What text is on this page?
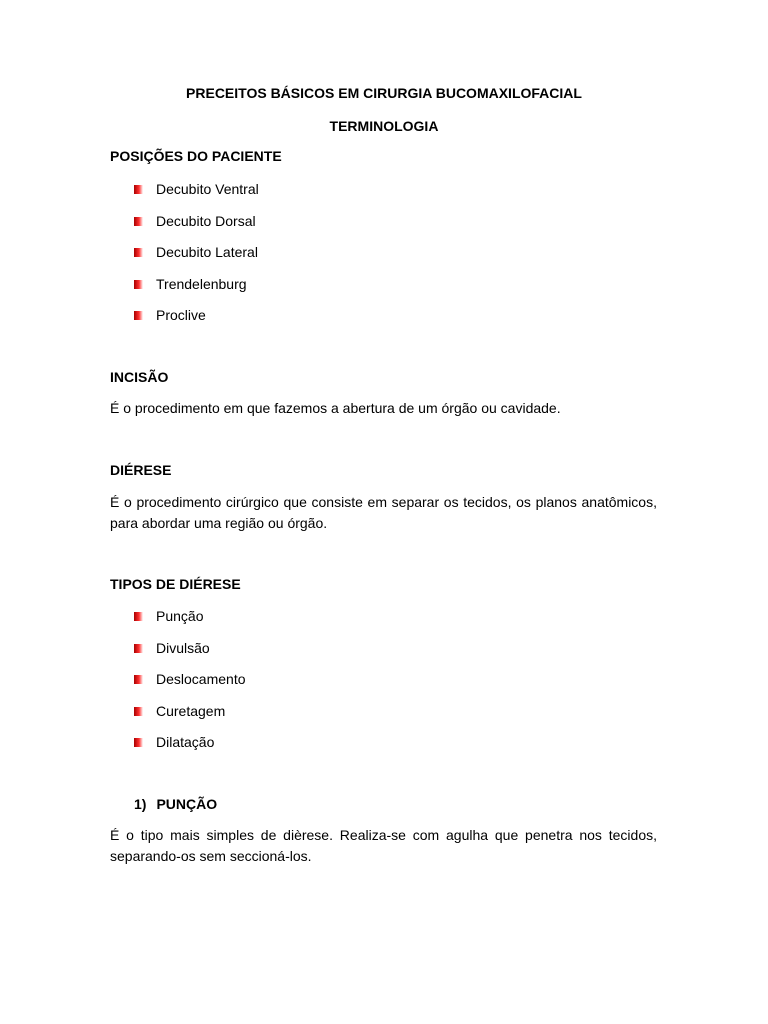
PRECEITOS BÁSICOS EM CIRURGIA BUCOMAXILOFACIAL
TERMINOLOGIA
POSIÇÕES DO PACIENTE
Decubito Ventral
Decubito Dorsal
Decubito Lateral
Trendelenburg
Proclive
INCISÃO

É o procedimento em que fazemos a abertura de um órgão ou cavidade.

DIÉRESE

É o procedimento cirúrgico que consiste em separar os tecidos, os planos anatômicos, para abordar uma região ou órgão.

TIPOS DE DIÉRESE
Punção
Divulsão
Deslocamento
Curetagem
Dilatação
1) PUNÇÃO

É o tipo mais simples de dièrese. Realiza-se com agulha que penetra nos tecidos, separando-os sem seccioná-los.
